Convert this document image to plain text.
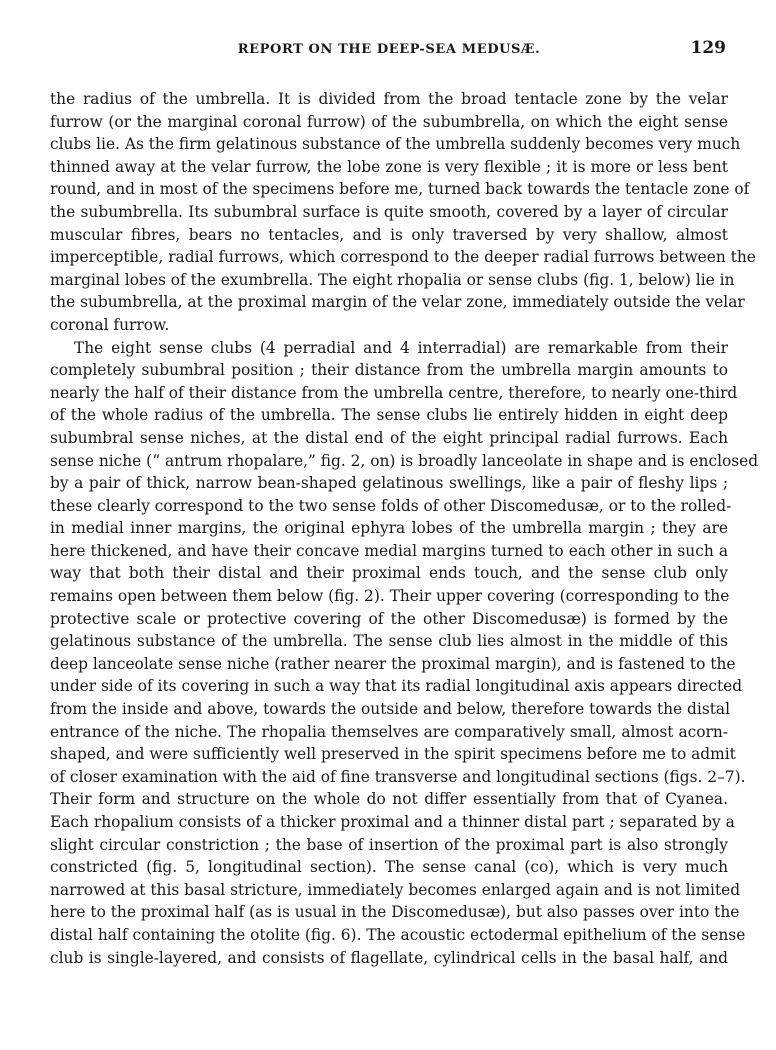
REPORT ON THE DEEP-SEA MEDUSÆ.	129

the radius of the umbrella. It is divided from the broad tentacle zone by the velar
furrow (or the marginal coronal furrow) of the subumbrella, on which the eight sense
clubs lie. As the firm gelatinous substance of the umbrella suddenly becomes very much
thinned away at the velar furrow, the lobe zone is very flexible ; it is more or less bent
round, and in most of the specimens before me, turned back towards the tentacle zone of
the subumbrella. Its subumbral surface is quite smooth, covered by a layer of circular
muscular fibres, bears no tentacles, and is only traversed by very shallow, almost
imperceptible, radial furrows, which correspond to the deeper radial furrows between the
marginal lobes of the exumbrella. The eight rhopalia or sense clubs (fig. 1, below) lie in
the subumbrella, at the proximal margin of the velar zone, immediately outside the velar
coronal furrow.

The eight sense clubs (4 perradial and 4 interradial) are remarkable from their
completely subumbral position ; their distance from the umbrella margin amounts to
nearly the half of their distance from the umbrella centre, therefore, to nearly one-third
of the whole radius of the umbrella. The sense clubs lie entirely hidden in eight deep
subumbral sense niches, at the distal end of the eight principal radial furrows. Each
sense niche (“ antrum rhopalare,” fig. 2, on) is broadly lanceolate in shape and is enclosed
by a pair of thick, narrow bean-shaped gelatinous swellings, like a pair of fleshy lips ;
these clearly correspond to the two sense folds of other Discomedusæ, or to the rolled-
in medial inner margins, the original ephyra lobes of the umbrella margin ; they are
here thickened, and have their concave medial margins turned to each other in such a
way that both their distal and their proximal ends touch, and the sense club only
remains open between them below (fig. 2). Their upper covering (corresponding to the
protective scale or protective covering of the other Discomedusæ) is formed by the
gelatinous substance of the umbrella. The sense club lies almost in the middle of this
deep lanceolate sense niche (rather nearer the proximal margin), and is fastened to the
under side of its covering in such a way that its radial longitudinal axis appears directed
from the inside and above, towards the outside and below, therefore towards the distal
entrance of the niche. The rhopalia themselves are comparatively small, almost acorn-
shaped, and were sufficiently well preserved in the spirit specimens before me to admit
of closer examination with the aid of fine transverse and longitudinal sections (figs. 2–7).
Their form and structure on the whole do not differ essentially from that of Cyanea.
Each rhopalium consists of a thicker proximal and a thinner distal part ; separated by a
slight circular constriction ; the base of insertion of the proximal part is also strongly
constricted (fig. 5, longitudinal section). The sense canal (co), which is very much
narrowed at this basal stricture, immediately becomes enlarged again and is not limited
here to the proximal half (as is usual in the Discomedusæ), but also passes over into the
distal half containing the otolite (fig. 6). The acoustic ectodermal epithelium of the sense
club is single-layered, and consists of flagellate, cylindrical cells in the basal half, and
